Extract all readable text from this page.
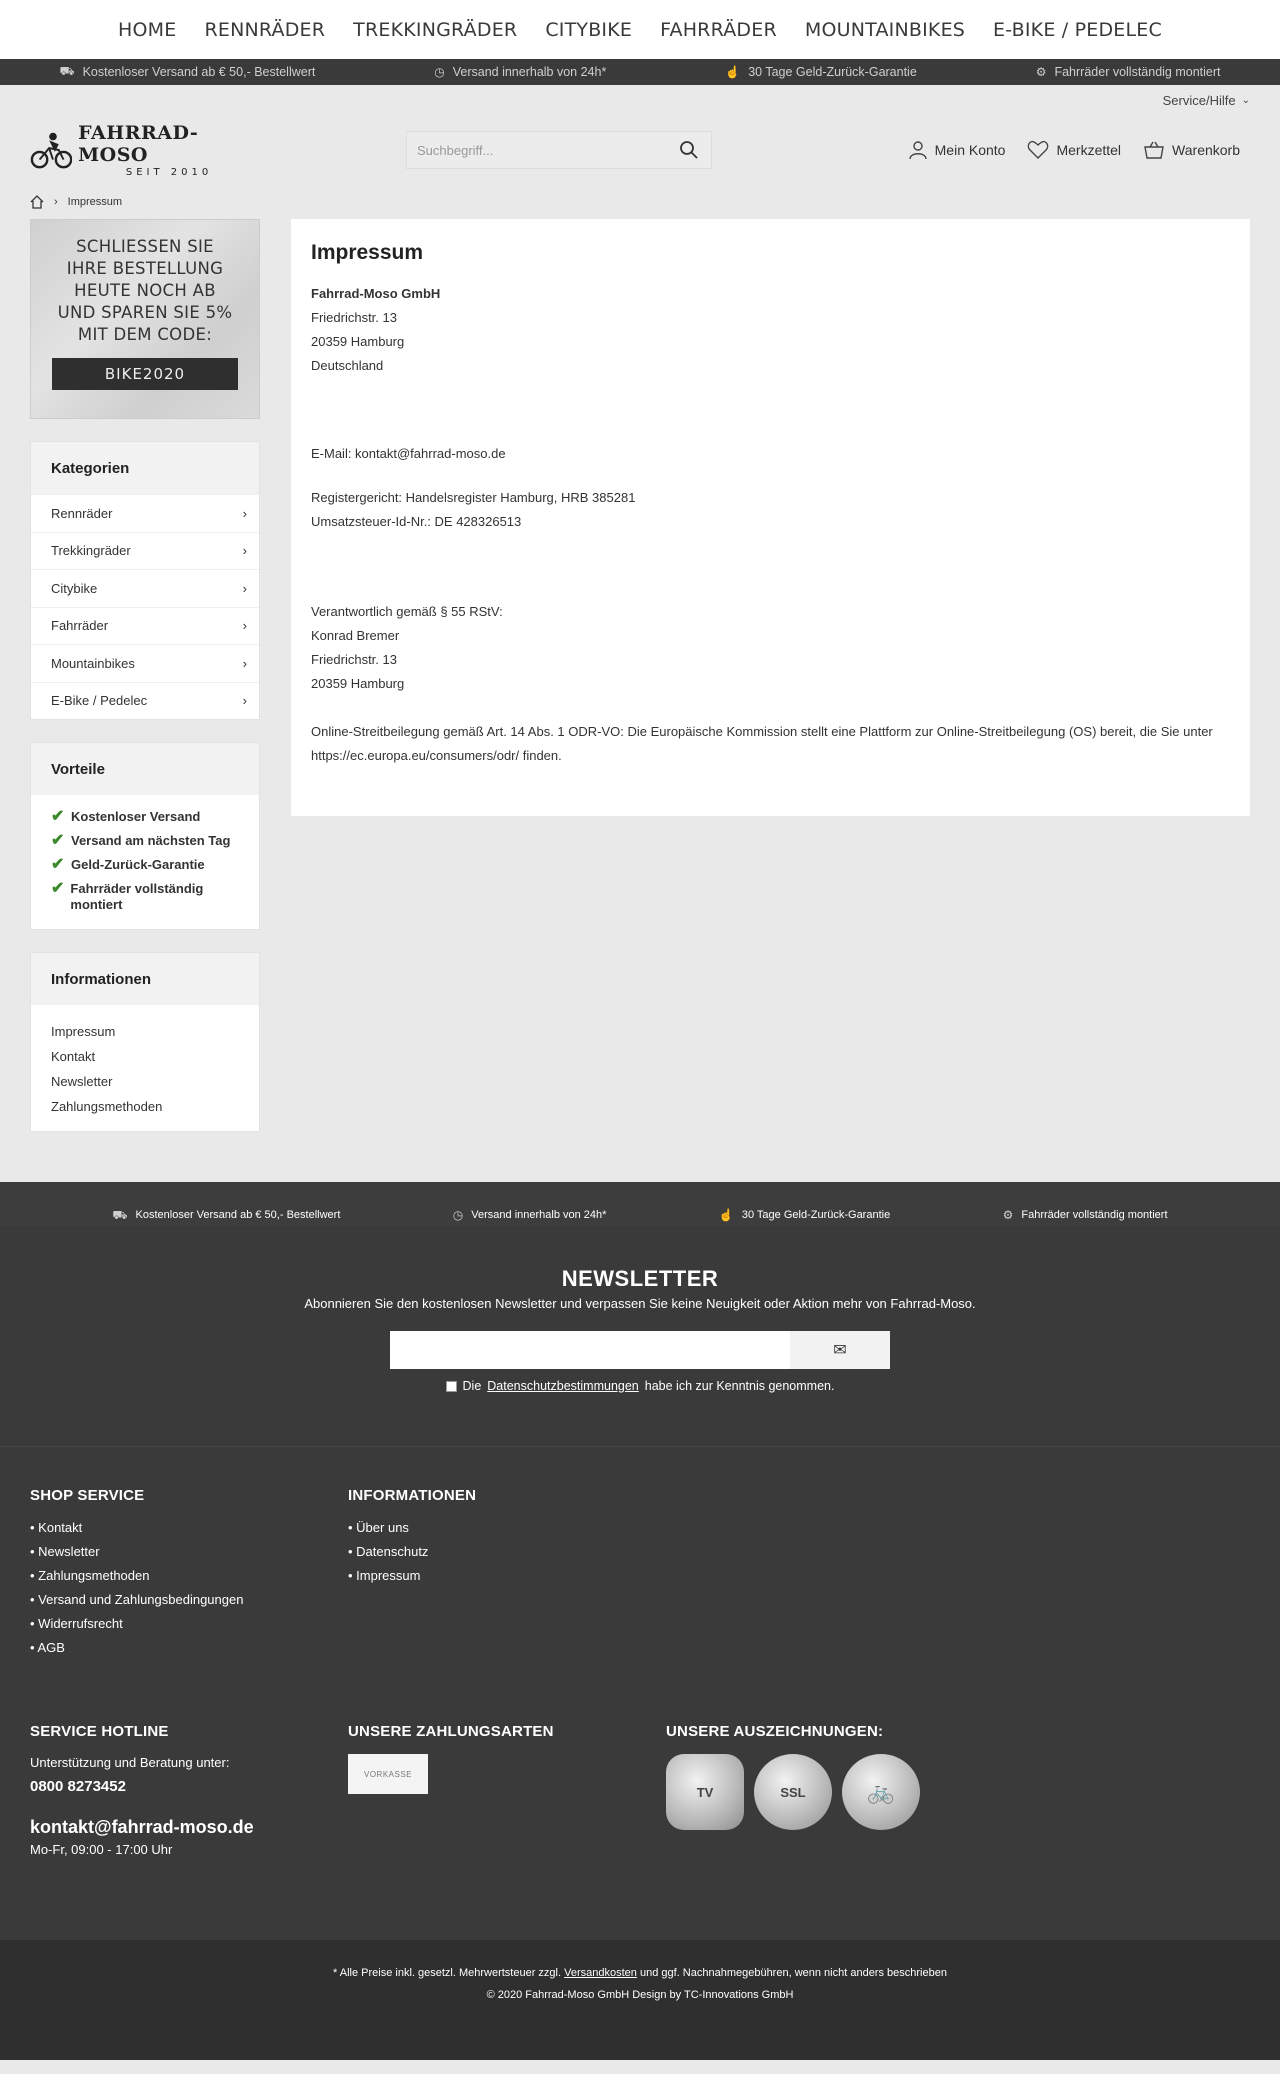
HOME RENNRÄDER TREKKINGRÄDER CITYBIKE FAHRRÄDER MOUNTAINBIKES E-BIKE / PEDELEC
⛟ Kostenloser Versand ab € 50,- Bestellwert	◷ Versand innerhalb von 24h*	☝ 30 Tage Geld-Zurück-Garantie	⚙ Fahrräder vollständig montiert
Service/Hilfe ⌄
FAHRRAD-MOSO
SEIT 2010
Suchbegriff...	Mein Konto	Merkzettel	Warenkorb
› Impressum
SCHLIESSEN SIE
IHRE BESTELLUNG
HEUTE NOCH AB
UND SPAREN SIE 5%
MIT DEM CODE:
BIKE2020
Kategorien
Rennräder	›
Trekkingräder	›
Citybike	›
Fahrräder	›
Mountainbikes	›
E-Bike / Pedelec	›
Vorteile
✔ Kostenloser Versand
✔ Versand am nächsten Tag
✔ Geld-Zurück-Garantie
✔ Fahrräder vollständig montiert
Informationen
Impressum
Kontakt
Newsletter
Zahlungsmethoden
Impressum

Fahrrad-Moso GmbH

Friedrichstr. 13

20359 Hamburg

Deutschland

E-Mail: kontakt@fahrrad-moso.de

Registergericht: Handelsregister Hamburg, HRB 385281

Umsatzsteuer-Id-Nr.: DE 428326513

Verantwortlich gemäß § 55 RStV:

Konrad Bremer

Friedrichstr. 13

20359 Hamburg

Online-Streitbeilegung gemäß Art. 14 Abs. 1 ODR-VO: Die Europäische Kommission stellt eine Plattform zur Online-Streitbeilegung (OS) bereit, die Sie unter https://ec.europa.eu/consumers/odr/ finden.

⛟ Kostenloser Versand ab € 50,- Bestellwert	◷ Versand innerhalb von 24h*	☝ 30 Tage Geld-Zurück-Garantie	⚙ Fahrräder vollständig montiert
NEWSLETTER
Abonnieren Sie den kostenlosen Newsletter und verpassen Sie keine Neuigkeit oder Aktion mehr von Fahrrad-Moso.
✉
Die Datenschutzbestimmungen habe ich zur Kenntnis genommen.
SHOP SERVICE
• Kontakt
• Newsletter
• Zahlungsmethoden
• Versand und Zahlungsbedingungen
• Widerrufsrecht
• AGB
INFORMATIONEN
• Über uns
• Datenschutz
• Impressum
SERVICE HOTLINE
Unterstützung und Beratung unter:
0800 8273452
kontakt@fahrrad-moso.de
Mo-Fr, 09:00 - 17:00 Uhr
UNSERE ZAHLUNGSARTEN
VORKASSE
UNSERE AUSZEICHNUNGEN:
TV	SSL	🚲
* Alle Preise inkl. gesetzl. Mehrwertsteuer zzgl. Versandkosten und ggf. Nachnahmegebühren, wenn nicht anders beschrieben
© 2020 Fahrrad-Moso GmbH Design by TC-Innovations GmbH
